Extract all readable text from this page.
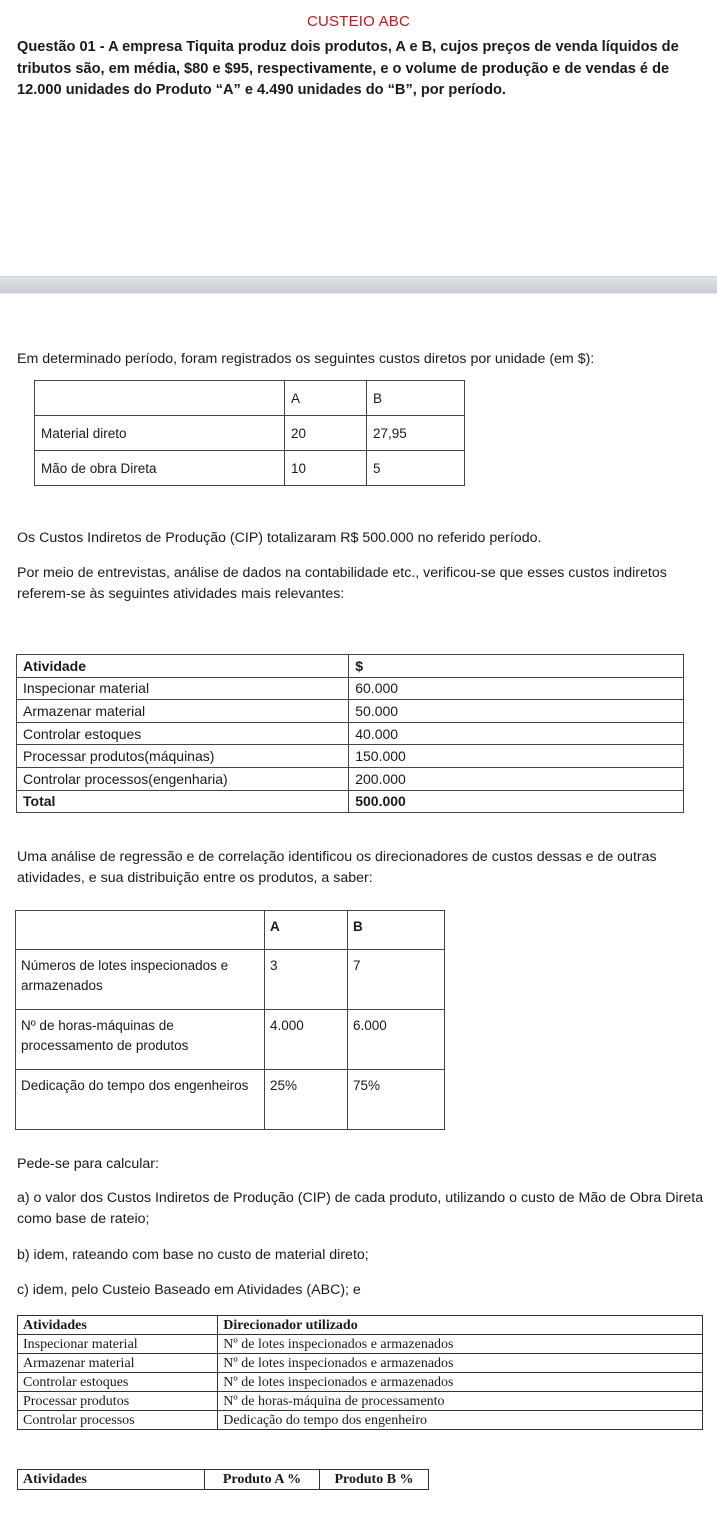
CUSTEIO ABC
Questão 01 - A empresa Tiquita produz dois produtos, A e B, cujos preços de venda líquidos de tributos são, em média, $80 e $95, respectivamente, e o volume de produção e de vendas é de 12.000 unidades do Produto “A” e 4.490 unidades do “B”, por período.
Em determinado período, foram registrados os seguintes custos diretos por unidade (em $):
	A	B
Material direto	20	27,95
Mão de obra Direta	10	5
Os Custos Indiretos de Produção (CIP) totalizaram R$ 500.000 no referido período.
Por meio de entrevistas, análise de dados na contabilidade etc., verificou-se que esses custos indiretos referem-se às seguintes atividades mais relevantes:
Atividade	$
Inspecionar material	60.000
Armazenar material	50.000
Controlar estoques	40.000
Processar produtos(máquinas)	150.000
Controlar processos(engenharia)	200.000
Total	500.000
Uma análise de regressão e de correlação identificou os direcionadores de custos dessas e de outras atividades, e sua distribuição entre os produtos, a saber:
	A	B
Números de lotes inspecionados e armazenados	3	7
Nº de horas-máquinas de processamento de produtos	4.000	6.000
Dedicação do tempo dos engenheiros	25%	75%
Pede-se para calcular:
a) o valor dos Custos Indiretos de Produção (CIP) de cada produto, utilizando o custo de Mão de Obra Direta como base de rateio;
b) idem, rateando com base no custo de material direto;
c) idem, pelo Custeio Baseado em Atividades (ABC); e
Atividades	Direcionador utilizado
Inspecionar material	Nº de lotes inspecionados e armazenados
Armazenar material	Nº de lotes inspecionados e armazenados
Controlar estoques	Nº de lotes inspecionados e armazenados
Processar produtos	Nº de horas-máquina de processamento
Controlar processos	Dedicação do tempo dos engenheiro
Atividades	Produto A %	Produto B %
